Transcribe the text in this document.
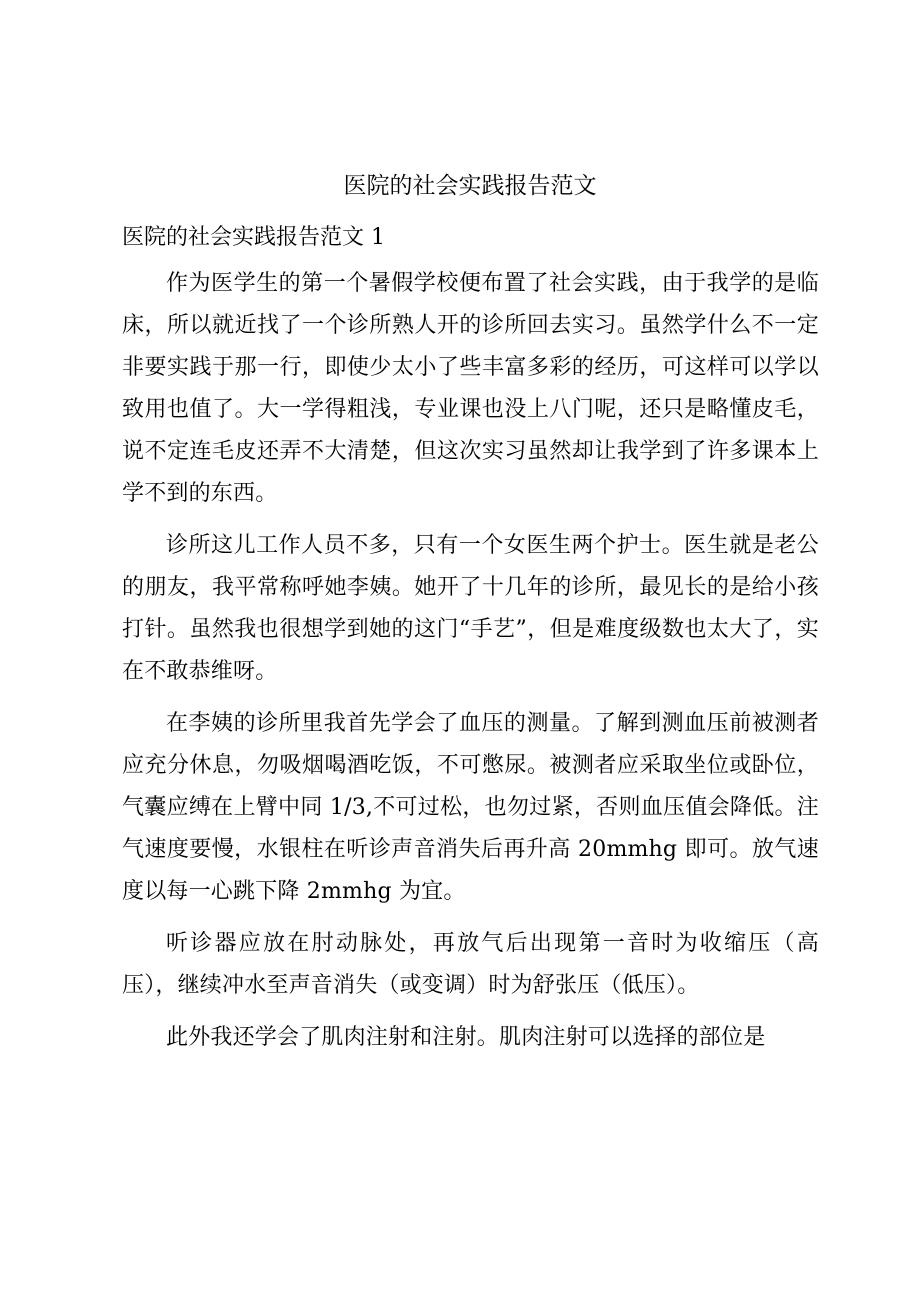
医院的社会实践报告范文
医院的社会实践报告范文 1

作为医学生的第一个暑假学校便布置了社会实践，由于我学的是临床，所以就近找了一个诊所熟人开的诊所回去实习。虽然学什么不一定非要实践于那一行，即使少太小了些丰富多彩的经历，可这样可以学以致用也值了。大一学得粗浅，专业课也没上八门呢，还只是略懂皮毛，说不定连毛皮还弄不大清楚，但这次实习虽然却让我学到了许多课本上学不到的东西。

诊所这儿工作人员不多，只有一个女医生两个护士。医生就是老公的朋友，我平常称呼她李姨。她开了十几年的诊所，最见长的是给小孩打针。虽然我也很想学到她的这门“手艺”，但是难度级数也太大了，实在不敢恭维呀。

在李姨的诊所里我首先学会了血压的测量。了解到测血压前被测者应充分休息，勿吸烟喝酒吃饭，不可憋尿。被测者应采取坐位或卧位，气囊应缚在上臂中同 1/3,不可过松，也勿过紧，否则血压值会降低。注气速度要慢，水银柱在听诊声音消失后再升高 20mmhg 即可。放气速度以每一心跳下降 2mmhg 为宜。

听诊器应放在肘动脉处，再放气后出现第一音时为收缩压（高压），继续冲水至声音消失（或变调）时为舒张压（低压）。

此外我还学会了肌肉注射和注射。肌肉注射可以选择的部位是
